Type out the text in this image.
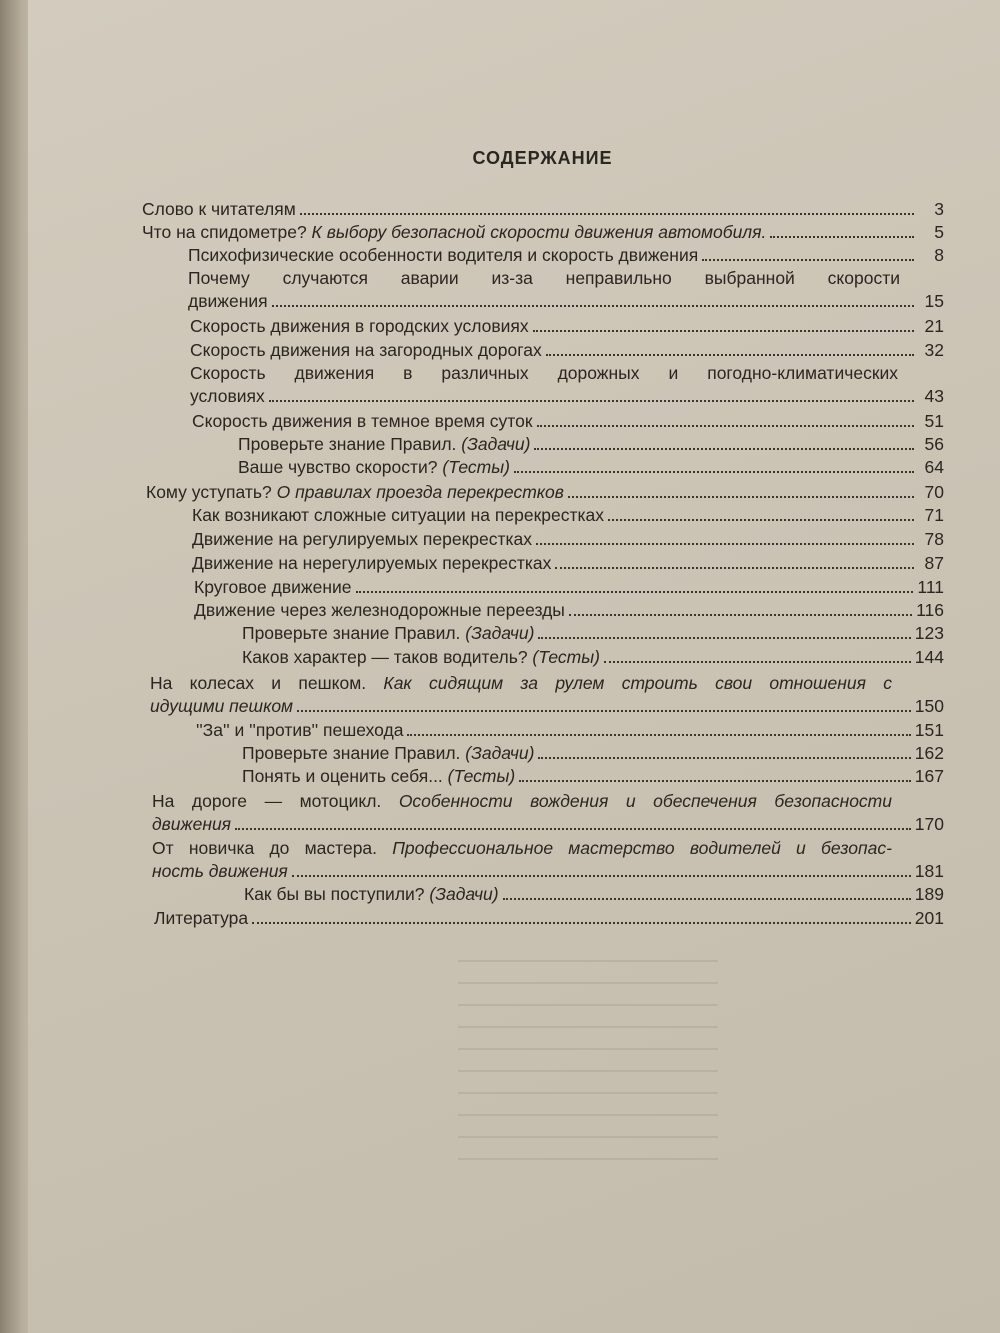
СОДЕРЖАНИЕ
Слово к читателям	3
Что на спидометре? К выбору безопасной скорости движения автомобиля.	5
Психофизические особенности водителя и скорость движения	8
Почему случаются аварии из-за неправильно выбранной скорости
движения	15
Скорость движения в городских условиях	21
Скорость движения на загородных дорогах	32
Скорость движения в различных дорожных и погодно-климатических
условиях	43
Скорость движения в темное время суток	51
Проверьте знание Правил. (Задачи)	56
Ваше чувство скорости? (Тесты)	64
Кому уступать? О правилах проезда перекрестков	70
Как возникают сложные ситуации на перекрестках	71
Движение на регулируемых перекрестках	78
Движение на нерегулируемых перекрестках	87
Круговое движение	111
Движение через железнодорожные переезды	116
Проверьте знание Правил. (Задачи)	123
Каков характер — таков водитель? (Тесты)	144
На колесах и пешком. Как сидящим за рулем строить свои отношения с
идущими пешком	150
''За'' и ''против'' пешехода	151
Проверьте знание Правил. (Задачи)	162
Понять и оценить себя... (Тесты)	167
На дороге — мотоцикл. Особенности вождения и обеспечения безопасности
движения	170
От новичка до мастера. Профессиональное мастерство водителей и безопас-
ность движения	181
Как бы вы поступили? (Задачи)	189
Литература	201
